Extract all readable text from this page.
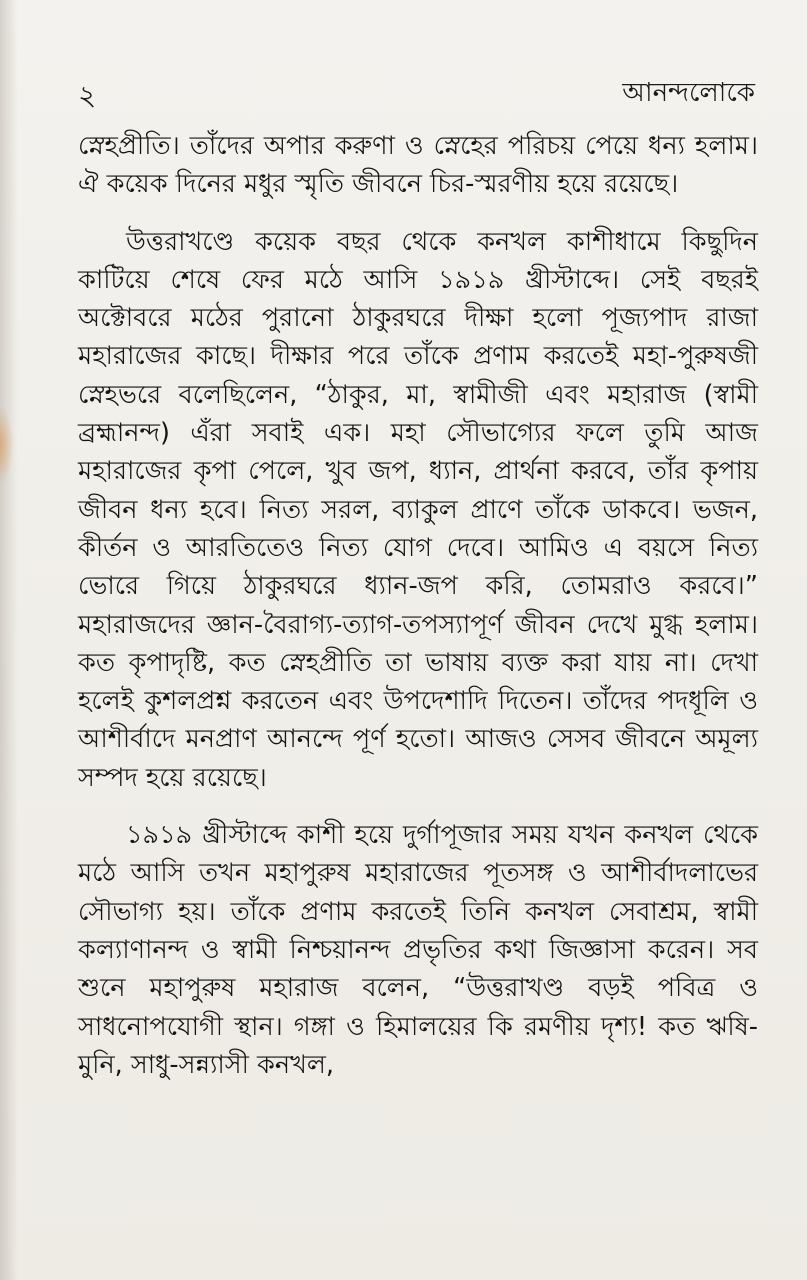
২	আনন্দলোকে

স্নেহপ্রীতি। তাঁদের অপার করুণা ও স্নেহের পরিচয় পেয়ে ধন্য হলাম। ঐ কয়েক দিনের মধুর স্মৃতি জীবনে চির-স্মরণীয় হয়ে রয়েছে।

উত্তরাখণ্ডে কয়েক বছর থেকে কনখল কাশীধামে কিছুদিন কাটিয়ে শেষে ফের মঠে আসি ১৯১৯ খ্রীস্টাব্দে। সেই বছরই অক্টোবরে মঠের পুরানো ঠাকুরঘরে দীক্ষা হলো পূজ্যপাদ রাজা মহারাজের কাছে। দীক্ষার পরে তাঁকে প্রণাম করতেই মহা-পুরুষজী স্নেহভরে বলেছিলেন, “ঠাকুর, মা, স্বামীজী এবং মহারাজ (স্বামী ব্রহ্মানন্দ) এঁরা সবাই এক। মহা সৌভাগ্যের ফলে তুমি আজ মহারাজের কৃপা পেলে, খুব জপ, ধ্যান, প্রার্থনা করবে, তাঁর কৃপায় জীবন ধন্য হবে। নিত্য সরল, ব্যাকুল প্রাণে তাঁকে ডাকবে। ভজন, কীর্তন ও আরতিতেও নিত্য যোগ দেবে। আমিও এ বয়সে নিত্য ভোরে গিয়ে ঠাকুরঘরে ধ্যান-জপ করি, তোমরাও করবে।” মহারাজদের জ্ঞান-বৈরাগ্য-ত্যাগ-তপস্যাপূর্ণ জীবন দেখে মুগ্ধ হলাম। কত কৃপাদৃষ্টি, কত স্নেহপ্রীতি তা ভাষায় ব্যক্ত করা যায় না। দেখা হলেই কুশলপ্রশ্ন করতেন এবং উপদেশাদি দিতেন। তাঁদের পদধূলি ও আশীর্বাদে মনপ্রাণ আনন্দে পূর্ণ হতো। আজও সেসব জীবনে অমূল্য সম্পদ হয়ে রয়েছে।

১৯১৯ খ্রীস্টাব্দে কাশী হয়ে দুর্গাপূজার সময় যখন কনখল থেকে মঠে আসি তখন মহাপুরুষ মহারাজের পূতসঙ্গ ও আশীর্বাদলাভের সৌভাগ্য হয়। তাঁকে প্রণাম করতেই তিনি কনখল সেবাশ্রম, স্বামী কল্যাণানন্দ ও স্বামী নিশ্চয়ানন্দ প্রভৃতির কথা জিজ্ঞাসা করেন। সব শুনে মহাপুরুষ মহারাজ বলেন, “উত্তরাখণ্ড বড়ই পবিত্র ও সাধনোপযোগী স্থান। গঙ্গা ও হিমালয়ের কি রমণীয় দৃশ্য! কত ঋষি-মুনি, সাধু-সন্ন্যাসী কনখল,
